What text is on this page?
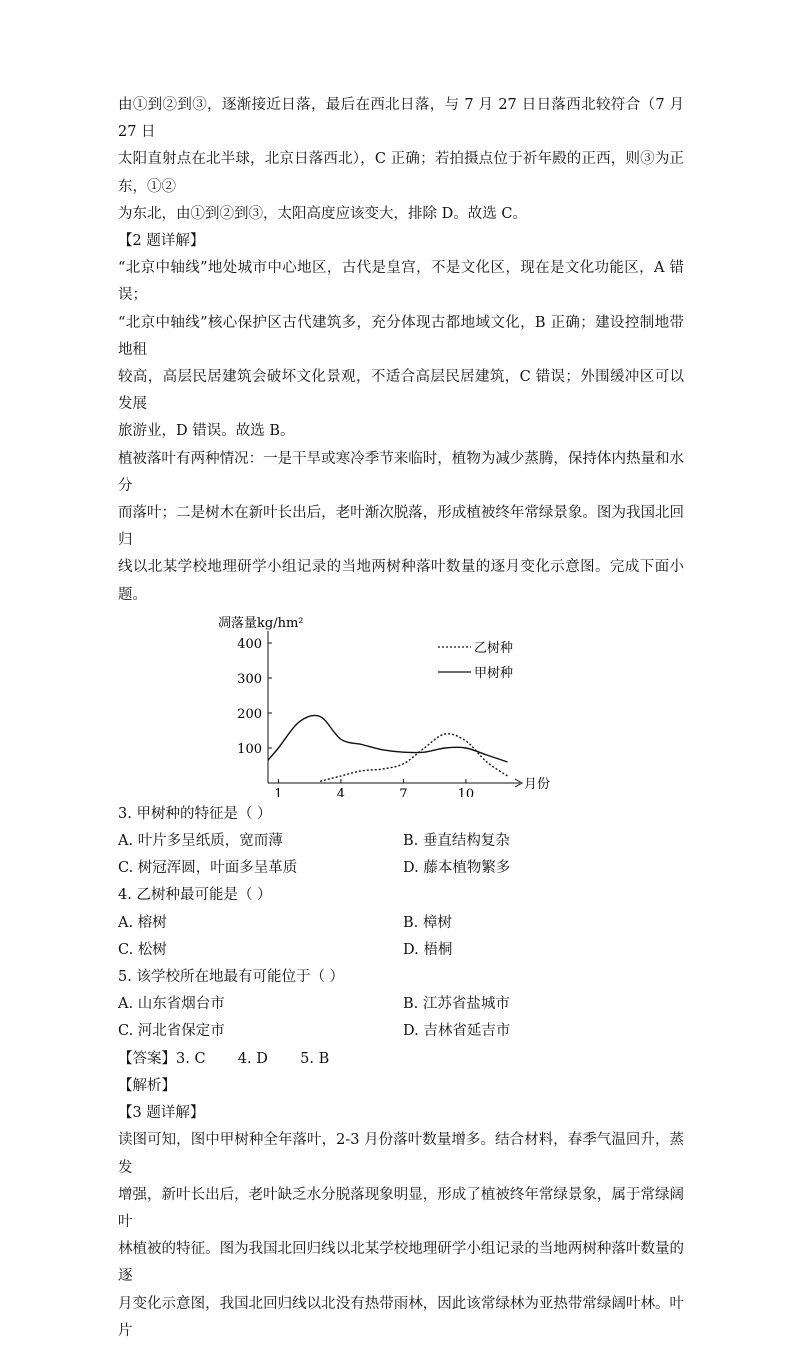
由①到②到③，逐渐接近日落，最后在西北日落，与 7 月 27 日日落西北较符合（7 月 27 日

太阳直射点在北半球，北京日落西北），C 正确；若拍摄点位于祈年殿的正西，则③为正东，①②

为东北，由①到②到③，太阳高度应该变大，排除 D。故选 C。

【2 题详解】

“北京中轴线”地处城市中心地区，古代是皇宫，不是文化区，现在是文化功能区，A 错误；

“北京中轴线”核心保护区古代建筑多，充分体现古都地域文化，B 正确；建设控制地带地租

较高，高层民居建筑会破坏文化景观，不适合高层民居建筑，C 错误；外围缓冲区可以发展

旅游业，D 错误。故选 B。

植被落叶有两种情况：一是干旱或寒冷季节来临时，植物为减少蒸腾，保持体内热量和水分

而落叶；二是树木在新叶长出后，老叶渐次脱落，形成植被终年常绿景象。图为我国北回归

线以北某学校地理研学小组记录的当地两树种落叶数量的逐月变化示意图。完成下面小题。

凋落量kg/hm²
月份
100
200
300
400
1	4	7	10
乙树种
甲树种

3. 甲树种的特征是（ ）

A. 叶片多呈纸质，宽而薄	B. 垂直结构复杂
C. 树冠浑圆，叶面多呈革质	D. 藤本植物繁多

4. 乙树种最可能是（ ）

A. 榕树	B. 樟树
C. 松树	D. 梧桐

5. 该学校所在地最有可能位于（ ）

A. 山东省烟台市	B. 江苏省盐城市
C. 河北省保定市	D. 吉林省延吉市
【答案】3. C       4. D       5. B

【解析】

【3 题详解】

读图可知，图中甲树种全年落叶，2-3 月份落叶数量增多。结合材料，春季气温回升，蒸发

增强，新叶长出后，老叶缺乏水分脱落现象明显，形成了植被终年常绿景象，属于常绿阔叶

林植被的特征。图为我国北回归线以北某学校地理研学小组记录的当地两树种落叶数量的逐

月变化示意图，我国北回归线以北没有热带雨林，因此该常绿林为亚热带常绿阔叶林。叶片
